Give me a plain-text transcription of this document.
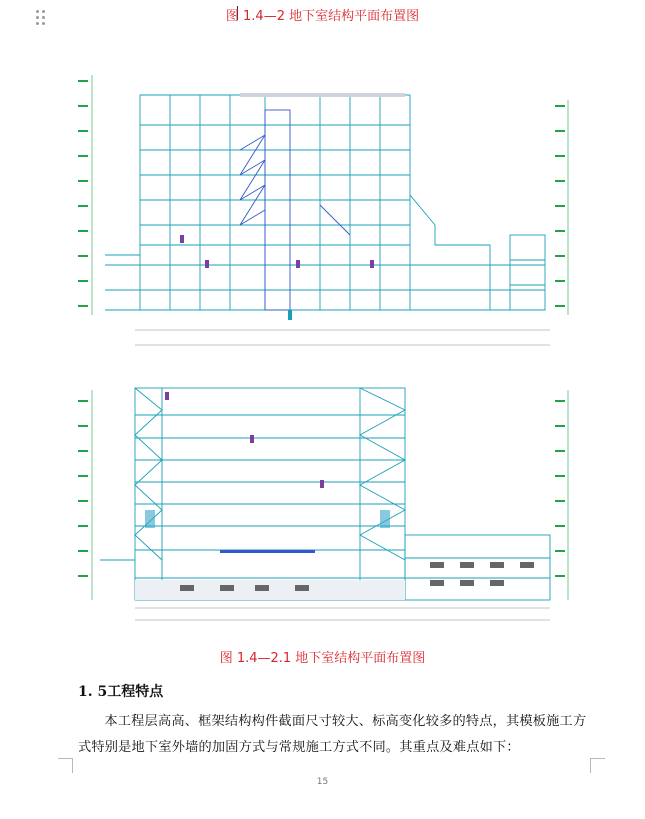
图 1.4—2 地下室结构平面布置图
图 1.4—2.1 地下室结构平面布置图
1. 5工程特点
本工程层高高、框架结构构件截面尺寸较大、标高变化较多的特点，其模板施工方式特别是地下室外墙的加固方式与常规施工方式不同。其重点及难点如下：
15
